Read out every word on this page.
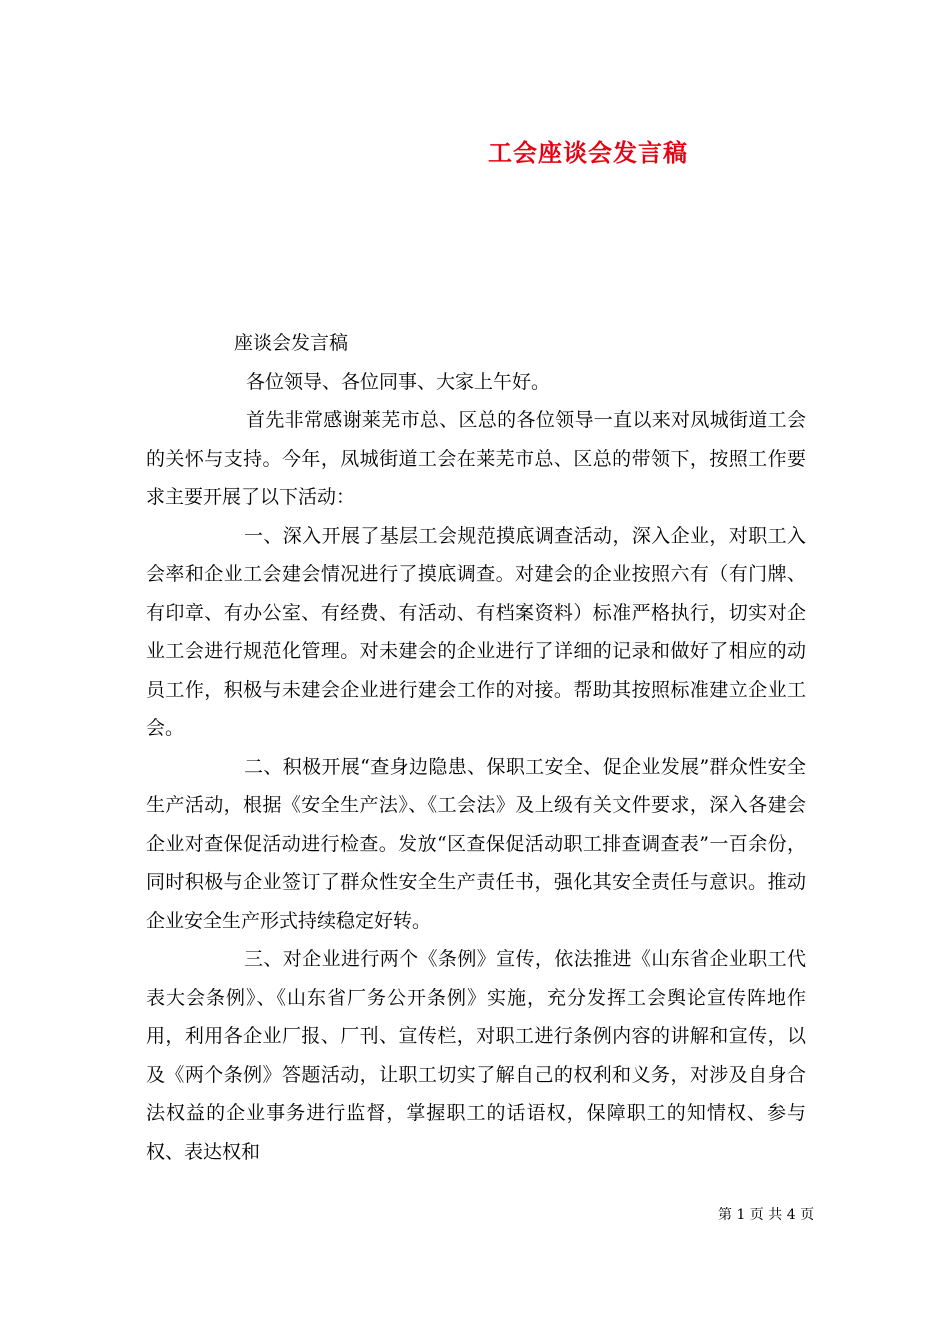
工会座谈会发言稿

座谈会发言稿

各位领导、各位同事、大家上午好。

首先非常感谢莱芜市总、区总的各位领导一直以来对凤城街道工会的关怀与支持。今年，凤城街道工会在莱芜市总、区总的带领下，按照工作要求主要开展了以下活动：

一、深入开展了基层工会规范摸底调查活动，深入企业，对职工入会率和企业工会建会情况进行了摸底调查。对建会的企业按照六有（有门牌、有印章、有办公室、有经费、有活动、有档案资料）标准严格执行，切实对企业工会进行规范化管理。对未建会的企业进行了详细的记录和做好了相应的动员工作，积极与未建会企业进行建会工作的对接。帮助其按照标准建立企业工会。

二、积极开展“查身边隐患、保职工安全、促企业发展”群众性安全生产活动，根据《安全生产法》、《工会法》及上级有关文件要求，深入各建会企业对查保促活动进行检查。发放“区查保促活动职工排查调查表”一百余份，同时积极与企业签订了群众性安全生产责任书，强化其安全责任与意识。推动企业安全生产形式持续稳定好转。

三、对企业进行两个《条例》宣传，依法推进《山东省企业职工代表大会条例》、《山东省厂务公开条例》实施，充分发挥工会舆论宣传阵地作用，利用各企业厂报、厂刊、宣传栏，对职工进行条例内容的讲解和宣传，以及《两个条例》答题活动，让职工切实了解自己的权利和义务，对涉及自身合法权益的企业事务进行监督，掌握职工的话语权，保障职工的知情权、参与权、表达权和

第 1 页 共 4 页
